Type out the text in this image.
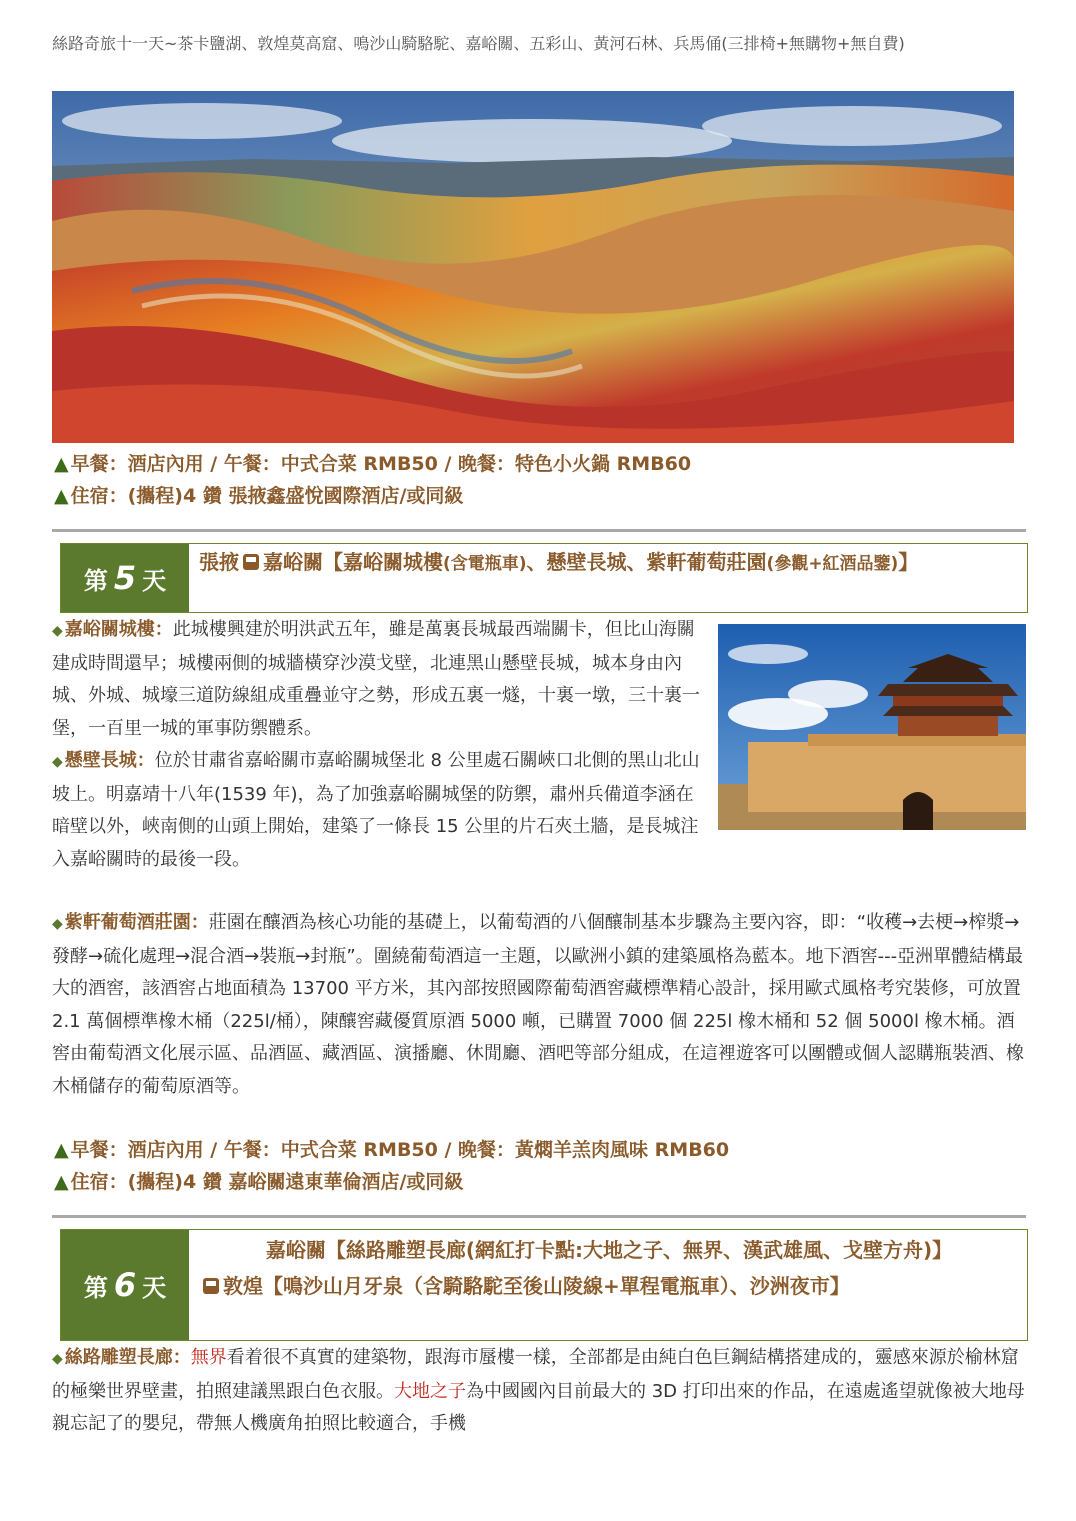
絲路奇旅十一天~茶卡鹽湖、敦煌莫高窟、鳴沙山騎駱駝、嘉峪關、五彩山、黃河石林、兵馬俑(三排椅+無購物+無自費)
▲ 早餐：酒店內用 / 午餐：中式合菜 RMB50 / 晚餐：特色小火鍋 RMB60
▲ 住宿：(攜程)4 鑽 張掖鑫盛悅國際酒店/或同級
第 5 天
張掖 嘉峪關【嘉峪關城樓(含電瓶車)、懸壁長城、紫軒葡萄莊園(參觀+紅酒品鑒)】
◆ 紫軒葡萄酒莊園：莊園在釀酒為核心功能的基礎上，以葡萄酒的八個釀制基本步驟為主要內容，即：“收穫→去梗→榨漿→發酵→硫化處理→混合酒→裝瓶→封瓶”。圍繞葡萄酒這一主題，以歐洲小鎮的建築風格為藍本。地下酒窖---亞洲單體結構最大的酒窖，該酒窖占地面積為 13700 平方米，其內部按照國際葡萄酒窖藏標準精心設計，採用歐式風格考究裝修，可放置 2.1 萬個標準橡木桶（225l/桶），陳釀窖藏優質原酒 5000 噸，已購置 7000 個 225l 橡木桶和 52 個 5000l 橡木桶。酒窖由葡萄酒文化展示區、品酒區、藏酒區、演播廳、休閒廳、酒吧等部分組成，在這裡遊客可以團體或個人認購瓶裝酒、橡木桶儲存的葡萄原酒等。
▲ 早餐：酒店內用 / 午餐：中式合菜 RMB50 / 晚餐：黃燜羊羔肉風味 RMB60
▲ 住宿：(攜程)4 鑽 嘉峪關遠東華倫酒店/或同級
第 6 天
嘉峪關【絲路雕塑長廊(網紅打卡點:大地之子、無界、漢武雄風、戈壁方舟)】
敦煌【鳴沙山月牙泉（含騎駱駝至後山陵線+單程電瓶車）、沙洲夜市】
◆ 絲路雕塑長廊：無界看着很不真實的建築物，跟海市蜃樓一樣，全部都是由純白色巨鋼結構搭建成的，靈感來源於榆林窟的極樂世界壁畫，拍照建議黑跟白色衣服。大地之子為中國國內目前最大的 3D 打印出來的作品，在遠處遙望就像被大地母親忘記了的嬰兒，帶無人機廣角拍照比較適合，手機
◆ 嘉峪關城樓：此城樓興建於明洪武五年，雖是萬裏長城最西端關卡，但比山海關建成時間還早；城樓兩側的城牆橫穿沙漠戈壁，北連黑山懸壁長城，城本身由內城、外城、城壕三道防線組成重疊並守之勢，形成五裏一燧，十裏一墩，三十裏一堡，一百里一城的軍事防禦體系。
◆ 懸壁長城：位於甘肅省嘉峪關市嘉峪關城堡北 8 公里處石關峽口北側的黑山北山坡上。明嘉靖十八年(1539 年)，為了加強嘉峪關城堡的防禦，肅州兵備道李涵在暗壁以外，峽南側的山頭上開始，建築了一條長 15 公里的片石夾土牆，是長城注入嘉峪關時的最後一段。
